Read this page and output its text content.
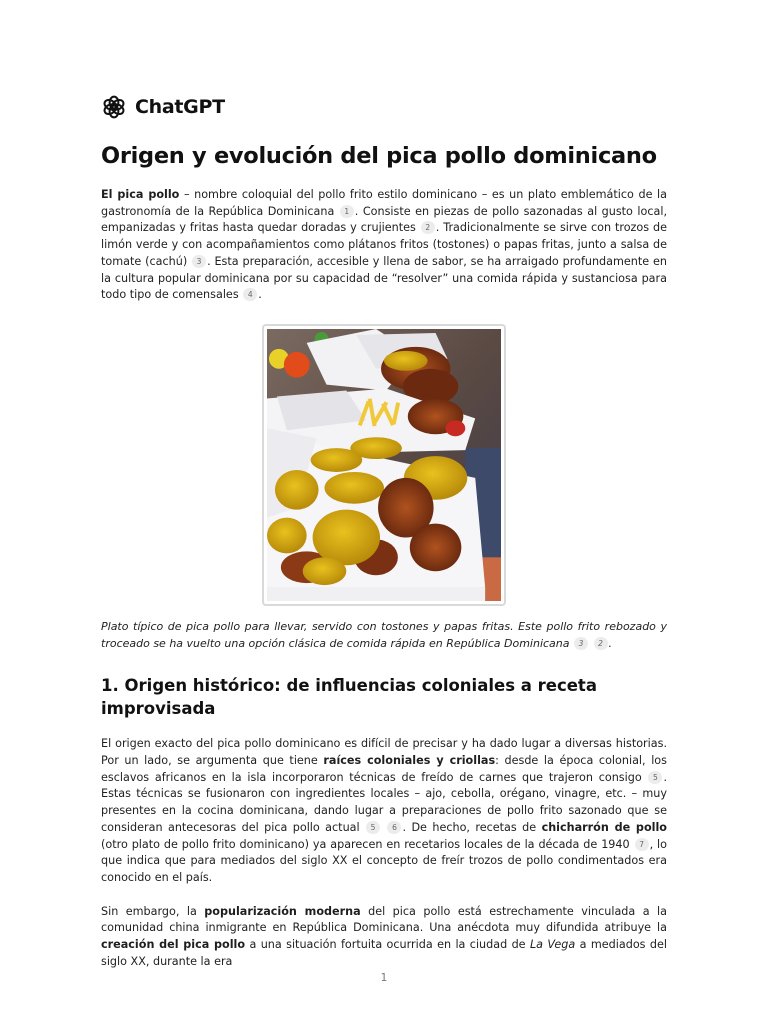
ChatGPT
Origen y evolución del pica pollo dominicano

El pica pollo – nombre coloquial del pollo frito estilo dominicano – es un plato emblemático de la gastronomía de la República Dominicana 1 . Consiste en piezas de pollo sazonadas al gusto local, empanizadas y fritas hasta quedar doradas y crujientes 2 . Tradicionalmente se sirve con trozos de limón verde y con acompañamientos como plátanos fritos (tostones) o papas fritas, junto a salsa de tomate (cachú) 3 . Esta preparación, accesible y llena de sabor, se ha arraigado profundamente en la cultura popular dominicana por su capacidad de “resolver” una comida rápida y sustanciosa para todo tipo de comensales 4 .

Plato típico de pica pollo para llevar, servido con tostones y papas fritas. Este pollo frito rebozado y troceado se ha vuelto una opción clásica de comida rápida en República Dominicana 3 2 .

1. Origen histórico: de influencias coloniales a receta improvisada

El origen exacto del pica pollo dominicano es difícil de precisar y ha dado lugar a diversas historias. Por un lado, se argumenta que tiene raíces coloniales y criollas: desde la época colonial, los esclavos africanos en la isla incorporaron técnicas de freído de carnes que trajeron consigo 5 . Estas técnicas se fusionaron con ingredientes locales – ajo, cebolla, orégano, vinagre, etc. – muy presentes en la cocina dominicana, dando lugar a preparaciones de pollo frito sazonado que se consideran antecesoras del pica pollo actual 5 6 . De hecho, recetas de chicharrón de pollo (otro plato de pollo frito dominicano) ya aparecen en recetarios locales de la década de 1940 7 , lo que indica que para mediados del siglo XX el concepto de freír trozos de pollo condimentados era conocido en el país.

Sin embargo, la popularización moderna del pica pollo está estrechamente vinculada a la comunidad china inmigrante en República Dominicana. Una anécdota muy difundida atribuye la creación del pica pollo a una situación fortuita ocurrida en la ciudad de La Vega a mediados del siglo XX, durante la era

1
